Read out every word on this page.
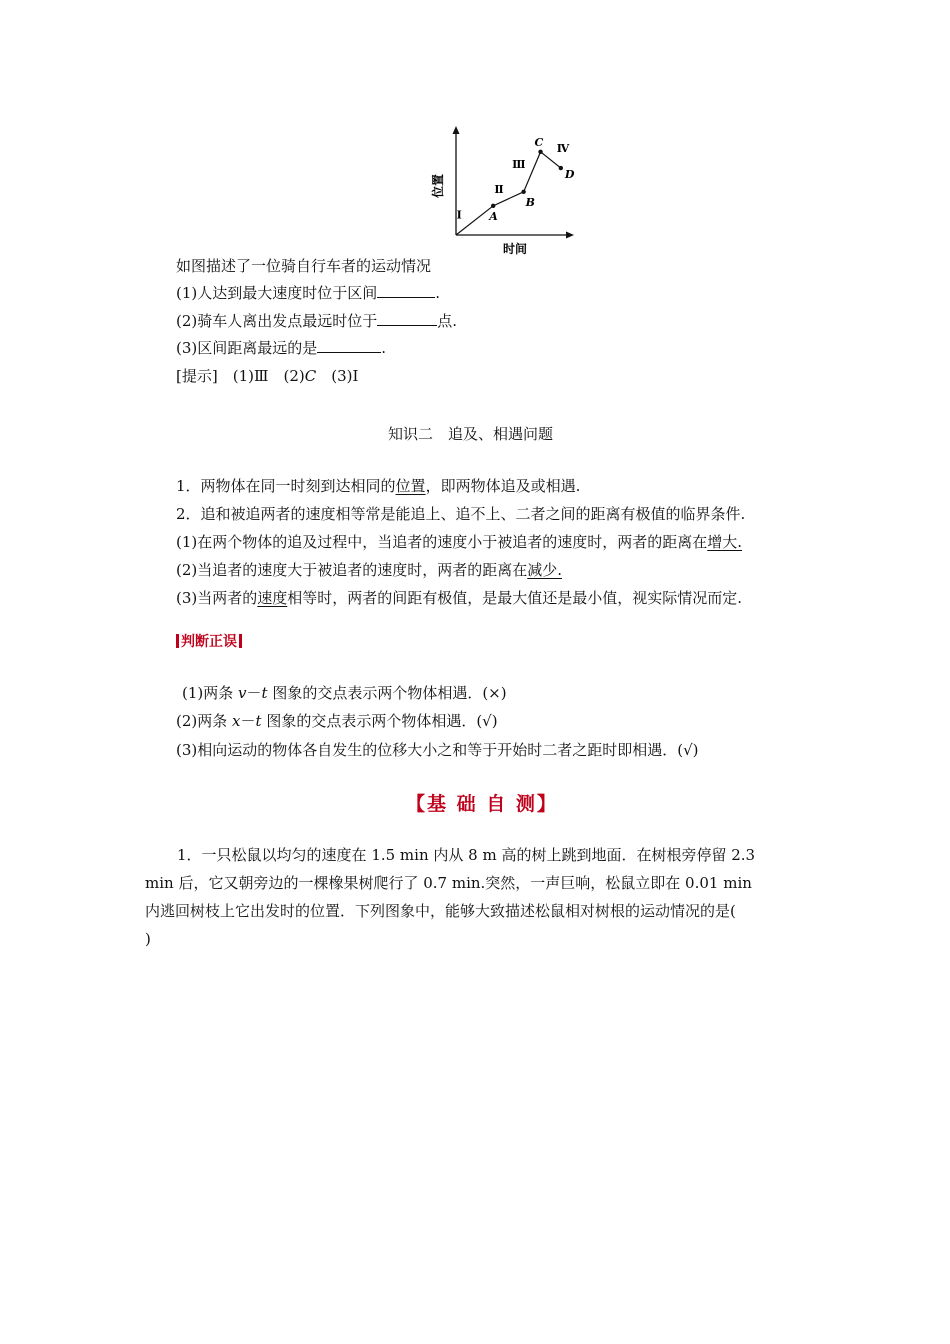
位置
时间
A
B
C
D
Ⅰ
Ⅱ
Ⅲ
Ⅳ
如图描述了一位骑自行车者的运动情况
(1)人达到最大速度时位于区间	.
(2)骑车人离出发点最远时位于	点.
(3)区间距离最远的是	.
[提示]　 (1)Ⅲ　 (2)C　 (3)Ⅰ
知识二　追及、相遇问题
1．两物体在同一时刻到达相同的位置，即两物体追及或相遇.
2．追和被追两者的速度相等常是能追上、追不上、二者之间的距离有极值的临界条件.
(1)在两个物体的追及过程中，当追者的速度小于被追者的速度时，两者的距离在增大.
(2)当追者的速度大于被追者的速度时，两者的距离在减少.
(3)当两者的速度相等时，两者的间距有极值，是最大值还是最小值，视实际情况而定.
判断正误
(1)两条 v－t 图象的交点表示两个物体相遇．(×)
(2)两条 x－t 图象的交点表示两个物体相遇．(√)
(3)相向运动的物体各自发生的位移大小之和等于开始时二者之距时即相遇．(√)
【基 础 自 测】
1．一只松鼠以均匀的速度在 1.5 min 内从 8 m 高的树上跳到地面．在树根旁停留 2.3
min 后，它又朝旁边的一棵橡果树爬行了 0.7 min.突然，一声巨响，松鼠立即在 0.01 min
内逃回树枝上它出发时的位置．下列图象中，能够大致描述松鼠相对树根的运动情况的是(
)
